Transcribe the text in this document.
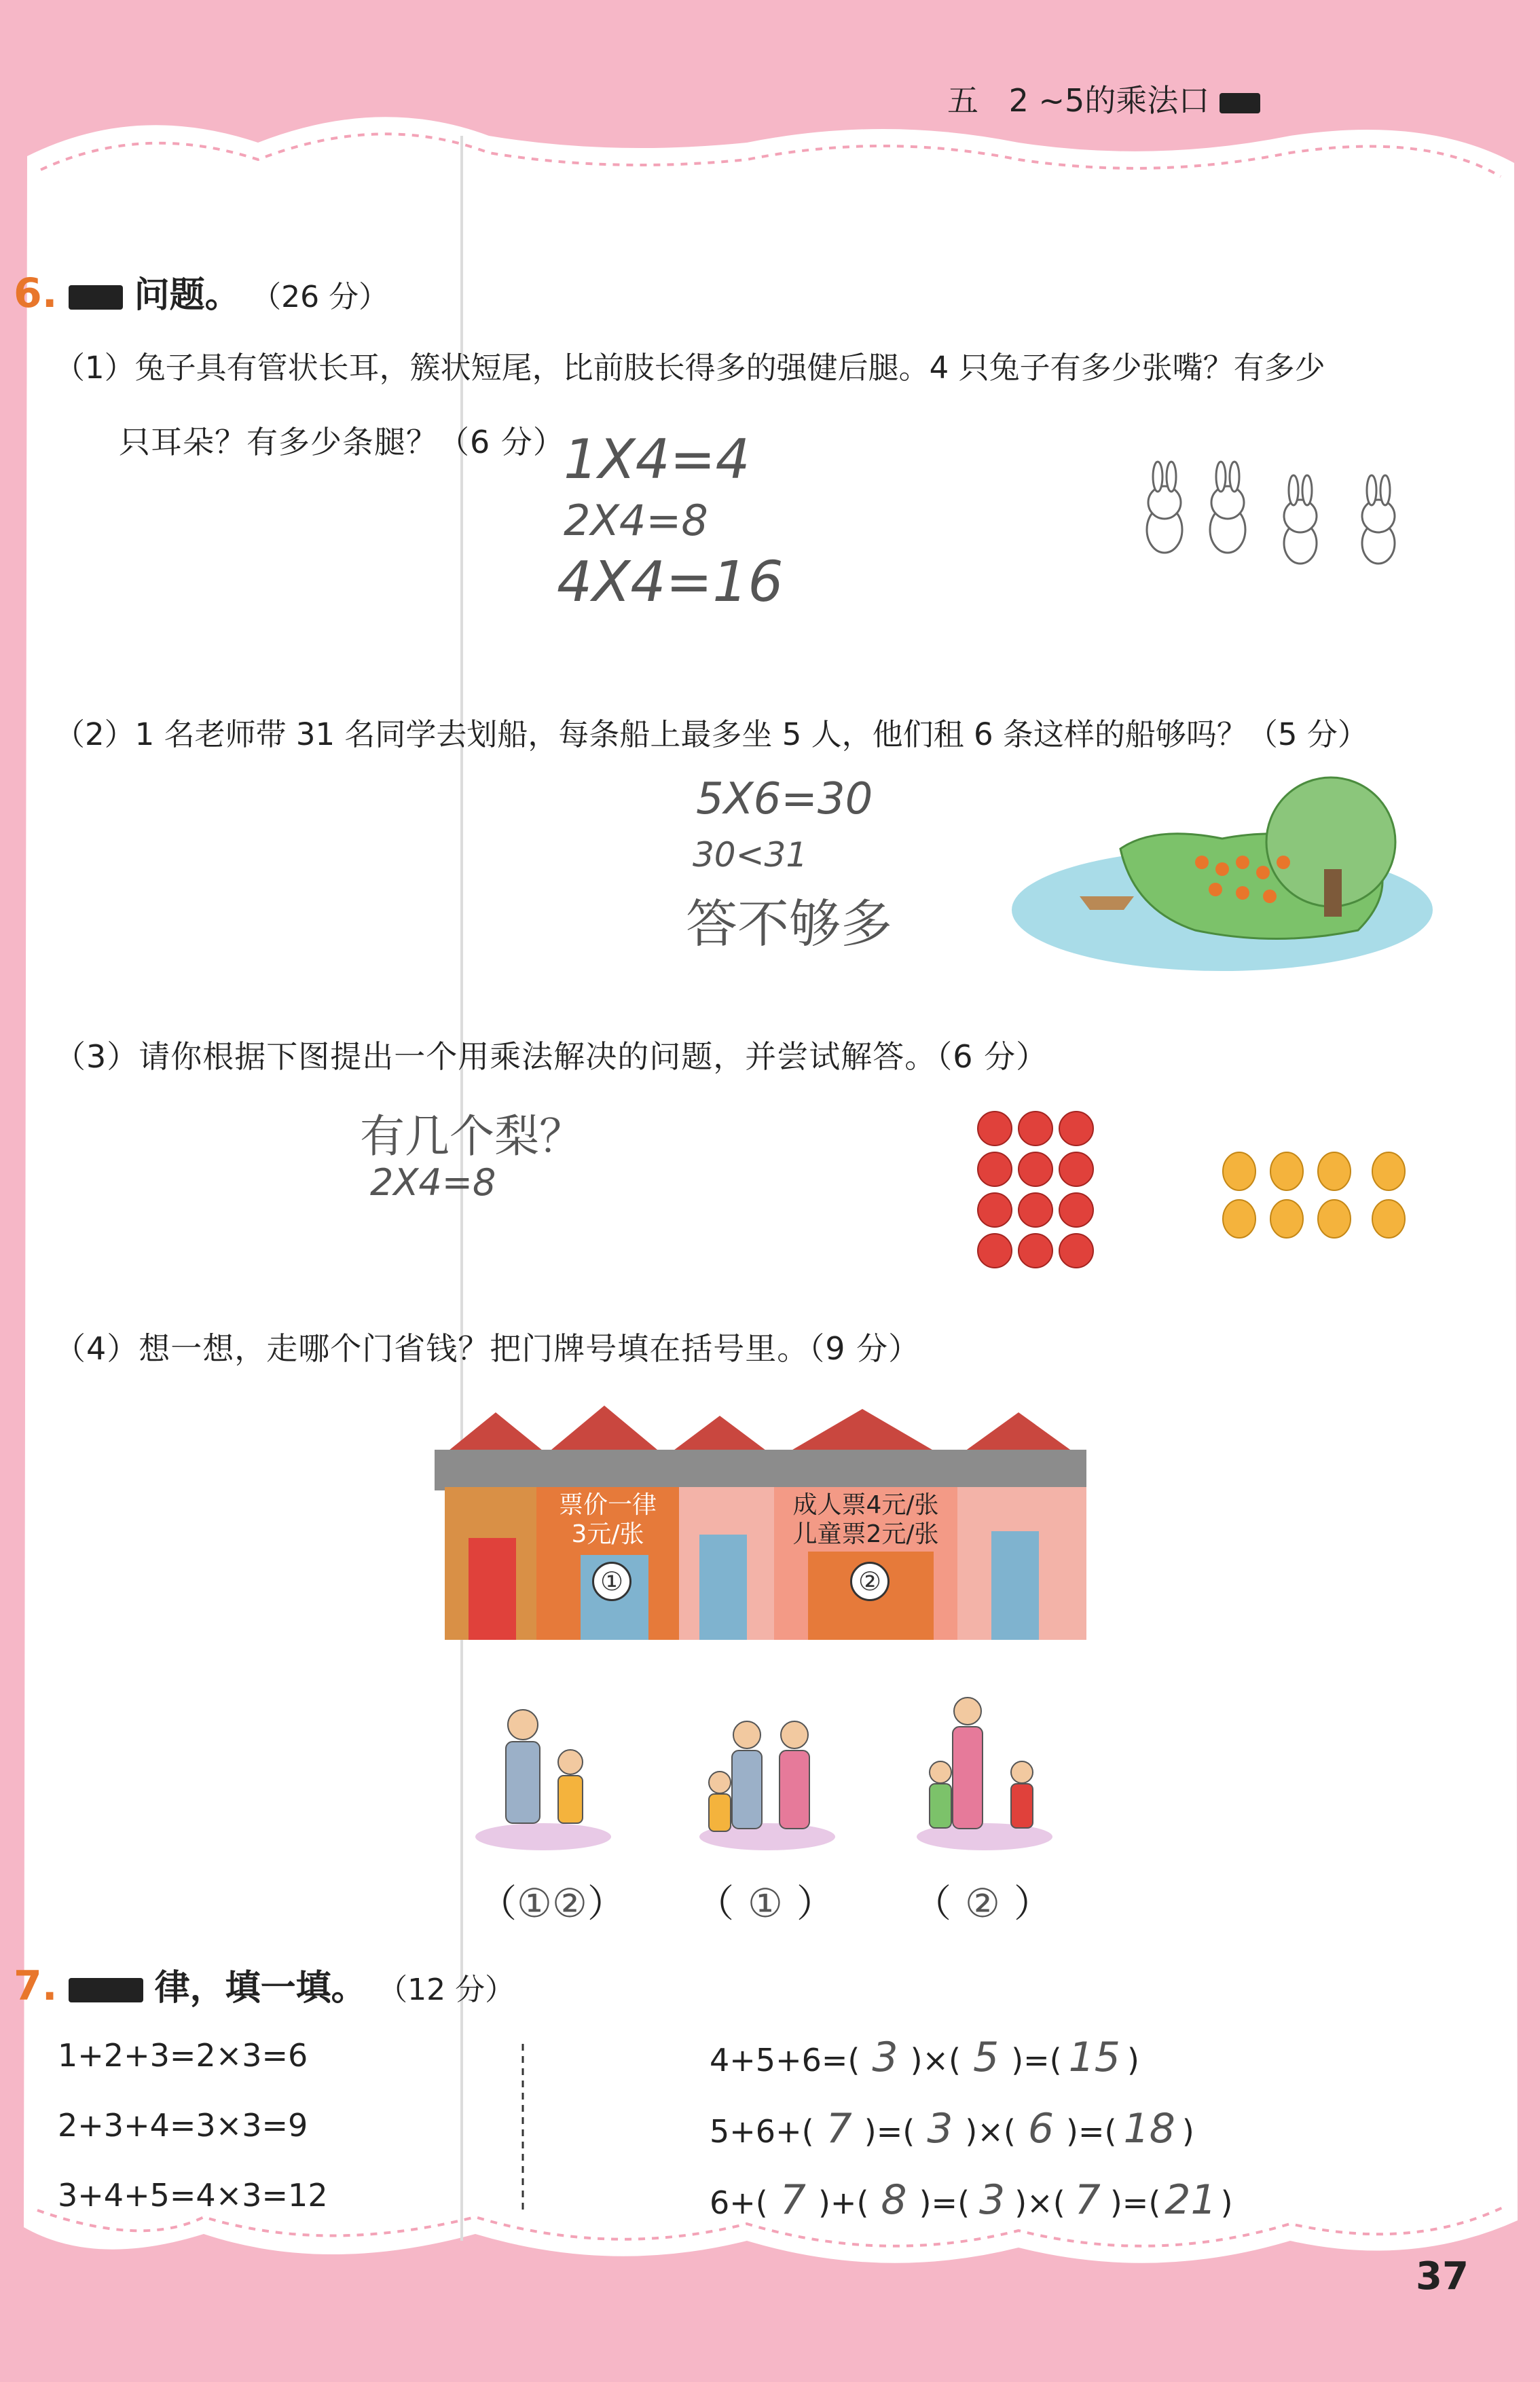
五 2 ~5的乘法口
6. 问题。 （26 分）
（1）兔子具有管状长耳，簇状短尾，比前肢长得多的强健后腿。4 只兔子有多少张嘴？有多少
只耳朵？有多少条腿？（6 分）
1X4=4
2X4=8
4X4=16
（2）1 名老师带 31 名同学去划船，每条船上最多坐 5 人，他们租 6 条这样的船够吗？（5 分）
5X6=30
30<31
答不够多
（3）请你根据下图提出一个用乘法解决的问题，并尝试解答。（6 分）
有几个梨？
2X4=8
（4）想一想，走哪个门省钱？把门牌号填在括号里。（9 分）
票价一律
3元/张
①
成人票4元/张
儿童票2元/张
②
（①②） （ ① ） （ ② ）
7.	律，填一填。 （12 分）
1+2+3=2×3=6
2+3+4=3×3=9
3+4+5=4×3=12
4+5+6=( 3 )×( 5 )=( 15 )
5+6+( 7 )=( 3 )×( 6 )=( 18 )
6+( 7 )+( 8 )=( 3 )×( 7 )=( 21 )
37
